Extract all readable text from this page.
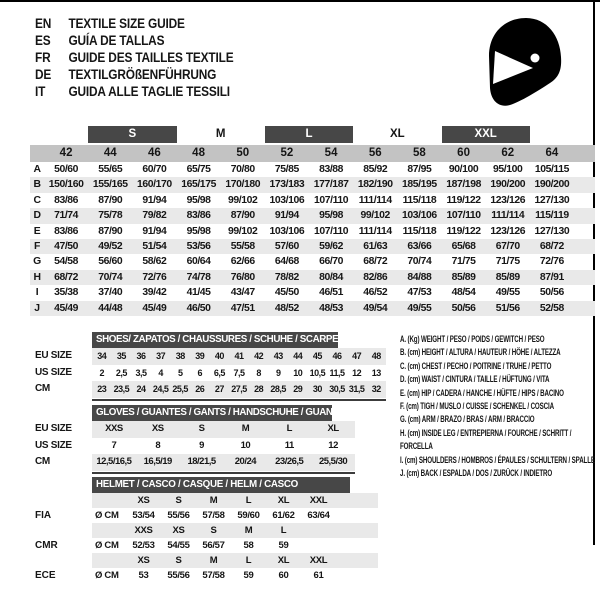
EN	TEXTILE SIZE GUIDE
ES	GUÍA DE TALLAS
FR	GUIDE DES TAILLES TEXTILE
DE	TEXTILGRÖßENFÜHRUNG
IT	GUIDA ALLE TAGLIE TESSILI
S	M	L	XL	XXL
42	44	46	48	50	52	54	56	58	60	62	64
A	50/60	55/65	60/70	65/75	70/80	75/85	83/88	85/92	87/95	90/100	95/100	105/115
B 150/160 155/165 160/170 165/175 170/180 173/183 177/187 182/190 185/195 187/198 190/200 190/200
C	83/86	87/90	91/94	95/98	99/102	103/106 107/110	111/114	115/118 119/122 123/126 127/130
D	71/74	75/78	79/82	83/86	87/90	91/94	95/98	99/102	103/106 107/110	111/114	115/119
E	83/86	87/90	91/94	95/98	99/102	103/106 107/110	111/114	115/118 119/122 123/126 127/130
F	47/50	49/52	51/54	53/56	55/58	57/60	59/62	61/63	63/66	65/68	67/70	68/72
G	54/58	56/60	58/62	60/64	62/66	64/68	66/70	68/72	70/74	71/75	71/75	72/76
H	68/72	70/74	72/76	74/78	76/80	78/82	80/84	82/86	84/88	85/89	85/89	87/91
I	35/38	37/40	39/42	41/45	43/47	45/50	46/51	46/52	47/53	48/54	49/55	50/56
J	45/49	44/48	45/49	46/50	47/51	48/52	48/53	49/54	49/55	50/56	51/56	52/58
SHOES/ ZAPATOS / CHAUSSURES / SCHUHE / SCARPE
EU SIZE	34	35	36	37	38	39	40	41	42	43	44	45	46	47	48
US SIZE	2	2,5 3,5	4	5	6	6,5 7,5	8	9	10 10,5 11,5 12	13
CM	23 23,5 24 24,5 25,5 26	27 27,5 28 28,5 29	30 30,5 31,5 32
GLOVES / GUANTES / GANTS / HANDSCHUHE / GUANTI
EU SIZE	XXS	XS	S	M	L	XL
US SIZE	7	8	9	10	11	12
CM	12,5/16,5	16,5/19	18/21,5	20/24	23/26,5	25,5/30
HELMET / CASCO / CASQUE / HELM / CASCO
XS	S	M	L	XL	XXL
FIA	Ø CM	53/54	55/56	57/58	59/60	61/62	63/64
XXS	XS	S	M	L
CMR	Ø CM	52/53	54/55	56/57	58	59
XS	S	M	L	XL	XXL
ECE	Ø CM	53	55/56	57/58	59	60	61
A. (Kg) WEIGHT / PESO / POIDS / GEWITCH / PESO
B. (cm) HEIGHT / ALTURA / HAUTEUR / HÖHE / ALTEZZA
C. (cm) CHEST / PECHO / POITRINE / TRUHE / PETTO
D. (cm) WAIST / CINTURA / TAILLE / HÜFTUNG / VITA
E. (cm) HIP / CADERA / HANCHE / HÜFTE / HIPS / BACINO
F. (cm) TIGH / MUSLO / CUISSE / SCHENKEL / COSCIA
G. (cm) ARM / BRAZO / BRAS / ARM / BRACCIO
H. (cm) INSIDE LEG / ENTREPIERNA / FOURCHE / SCHRITT / FORCELLA
I. (cm) SHOULDERS / HOMBROS / ÉPAULES / SCHULTERN / SPALLE
J. (cm) BACK / ESPALDA / DOS / ZURÜCK / INDIETRO
